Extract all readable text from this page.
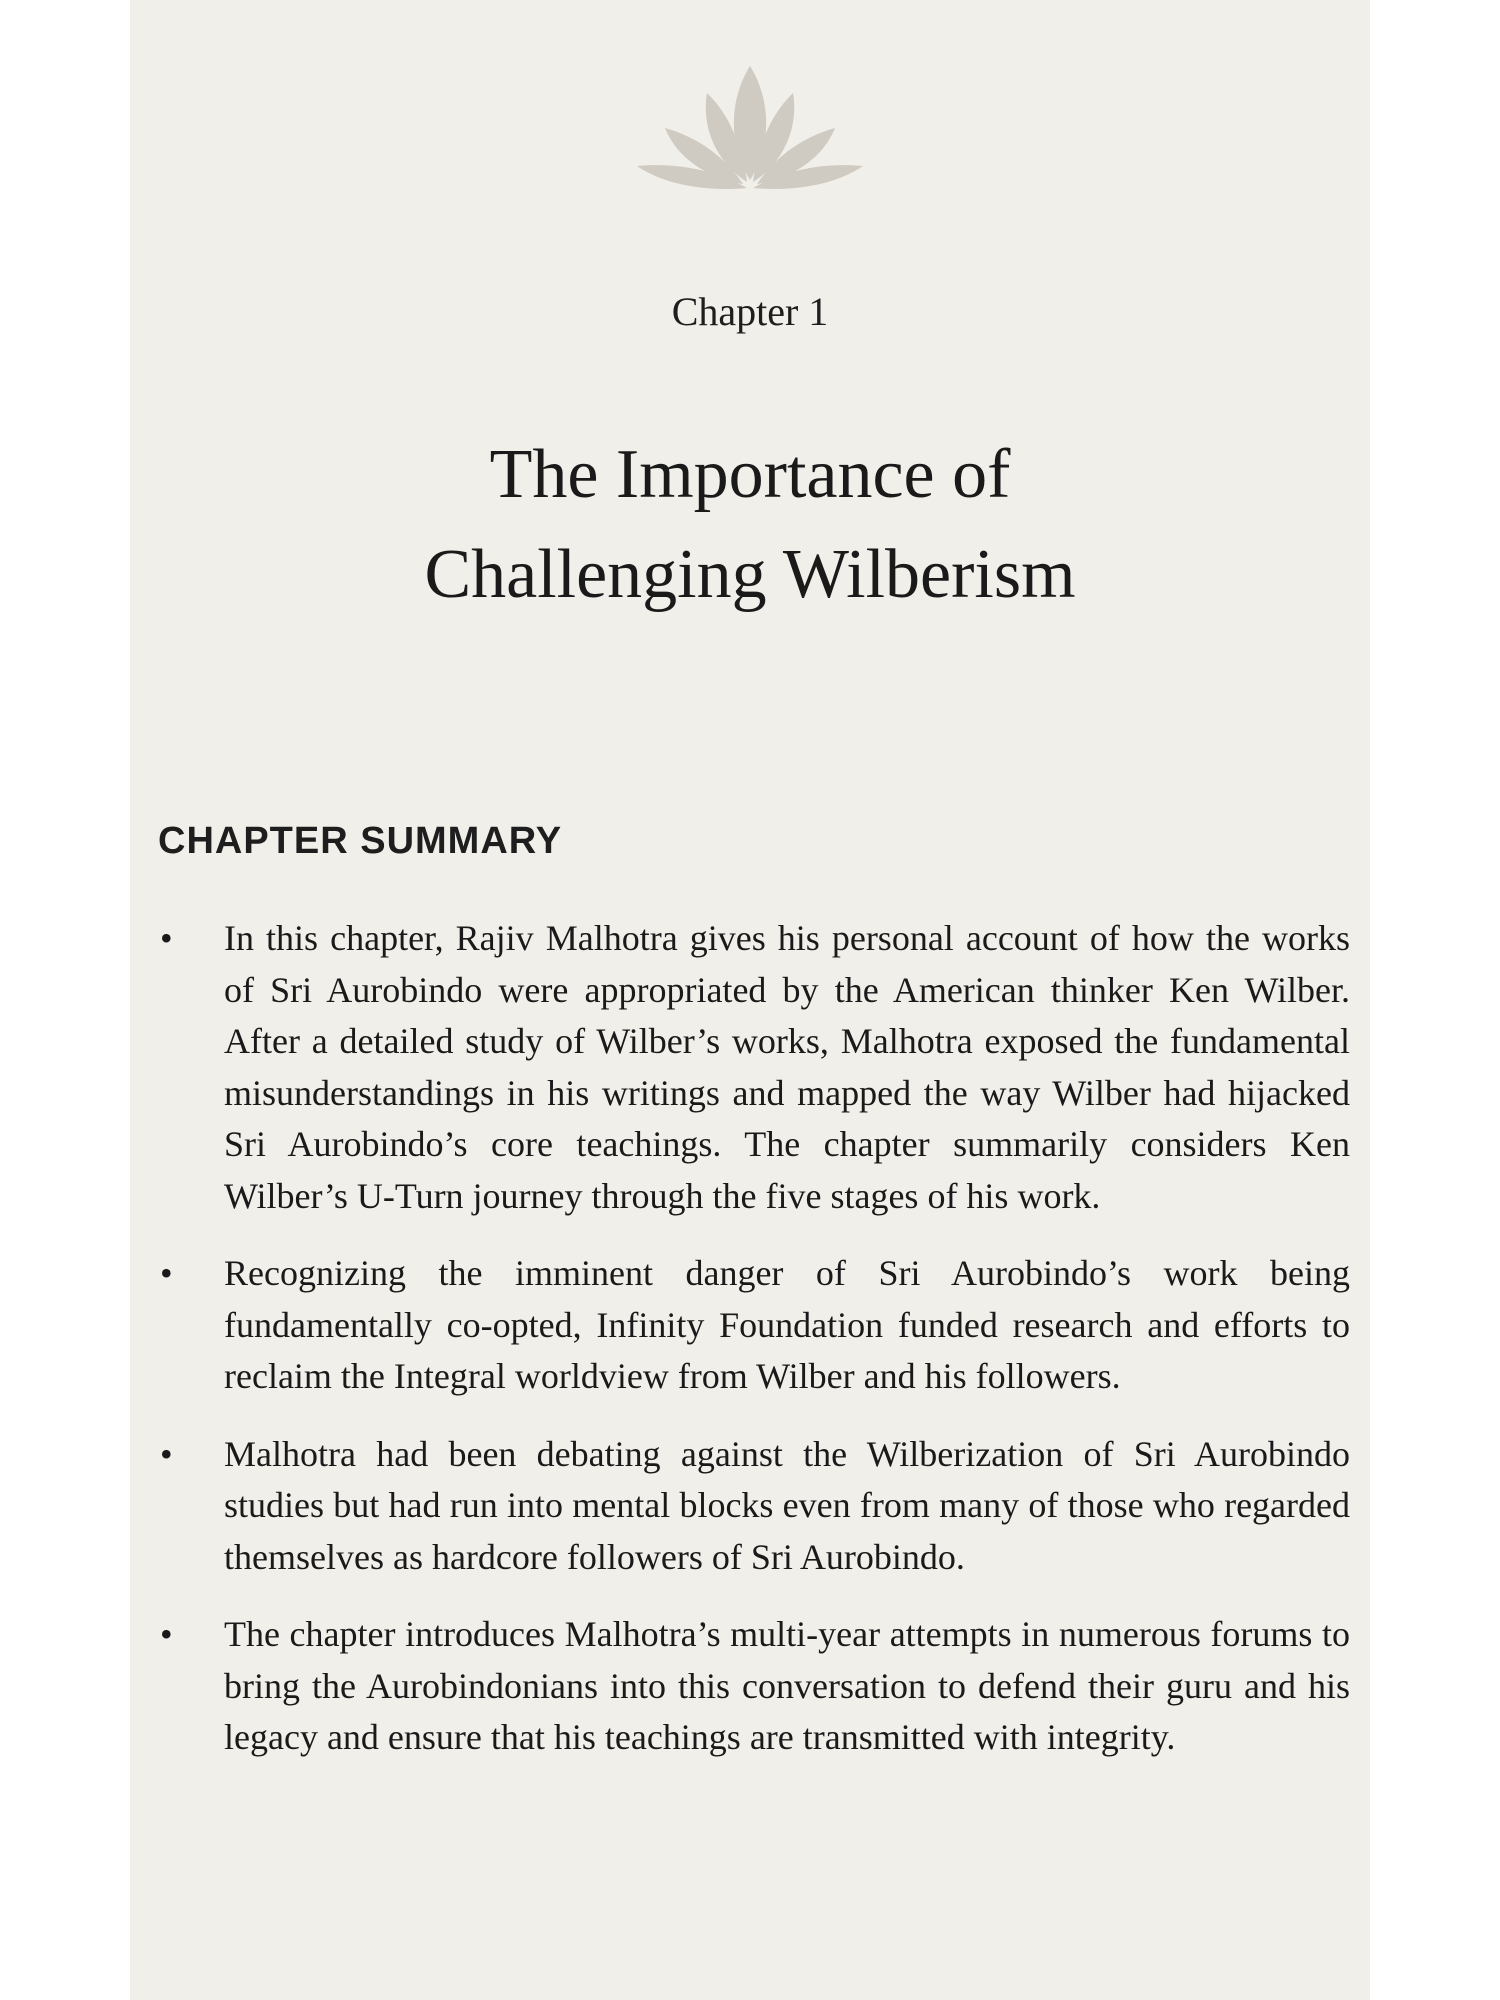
Chapter 1

The Importance of
Challenging Wilberism
CHAPTER SUMMARY
• In this chapter, Rajiv Malhotra gives his personal account of how the works of Sri Aurobindo were appropriated by the American thinker Ken Wilber. After a detailed study of Wilber’s works, Malhotra exposed the fundamental misunderstandings in his writings and mapped the way Wilber had hijacked Sri Aurobindo’s core teachings. The chapter summarily considers Ken Wilber’s U-Turn journey through the five stages of his work.
• Recognizing the imminent danger of Sri Aurobindo’s work being fundamentally co-opted, Infinity Foundation funded research and efforts to reclaim the Integral worldview from Wilber and his followers.
• Malhotra had been debating against the Wilberization of Sri Aurobindo studies but had run into mental blocks even from many of those who regarded themselves as hardcore followers of Sri Aurobindo.
• The chapter introduces Malhotra’s multi-year attempts in numerous forums to bring the Aurobindonians into this conversation to defend their guru and his legacy and ensure that his teachings are transmitted with integrity.
